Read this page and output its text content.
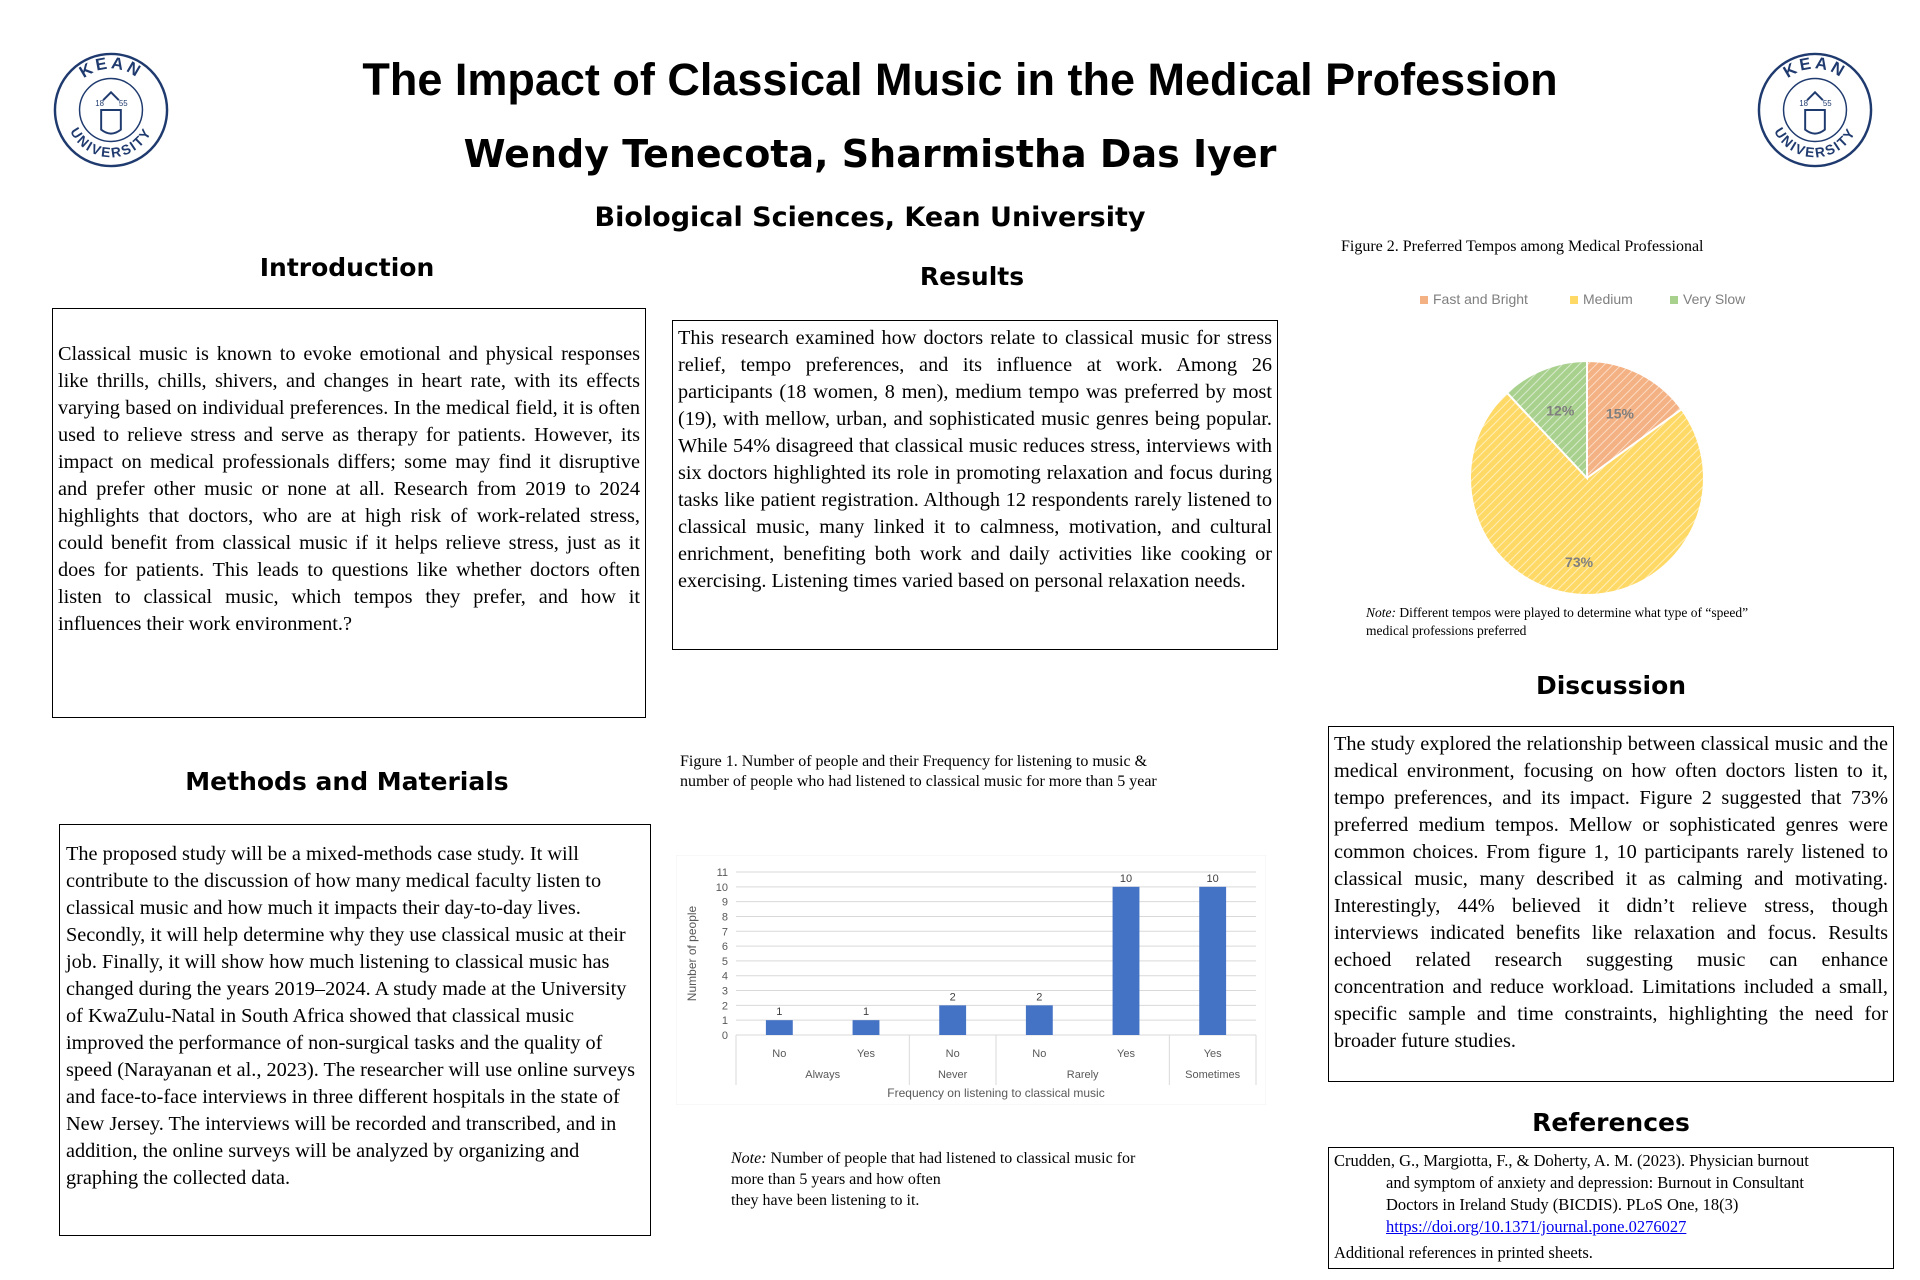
KEAN
UNIVERSITY
18 55
KEAN
UNIVERSITY
18 55
The Impact of Classical Music in the Medical Profession
Wendy Tenecota, Sharmistha Das Iyer
Biological Sciences, Kean University
Introduction
Classical music is known to evoke emotional and physical responses like thrills, chills, shivers, and changes in heart rate, with its effects varying based on individual preferences. In the medical field, it is often used to relieve stress and serve as therapy for patients. However, its impact on medical professionals differs; some may find it disruptive and prefer other music or none at all. Research from 2019 to 2024 highlights that doctors, who are at high risk of work-related stress, could benefit from classical music if it helps relieve stress, just as it does for patients. This leads to questions like whether doctors often listen to classical music, which tempos they prefer, and how it influences their work environment.?
Methods and Materials
The proposed study will be a mixed-methods case study. It will contribute to the discussion of how many medical faculty listen to classical music and how much it impacts their day-to-day lives. Secondly, it will help determine why they use classical music at their job. Finally, it will show how much listening to classical music has changed during the years 2019–2024. A study made at the University of KwaZulu-Natal in South Africa showed that classical music improved the performance of non-surgical tasks and the quality of speed (Narayanan et al., 2023). The researcher will use online surveys and face-to-face interviews in three different hospitals in the state of New Jersey. The interviews will be recorded and transcribed, and in addition, the online surveys will be analyzed by organizing and graphing the collected data.
Results
This research examined how doctors relate to classical music for stress relief, tempo preferences, and its influence at work. Among 26 participants (18 women, 8 men), medium tempo was preferred by most (19), with mellow, urban, and sophisticated music genres being popular. While 54% disagreed that classical music reduces stress, interviews with six doctors highlighted its role in promoting relaxation and focus during tasks like patient registration. Although 12 respondents rarely listened to classical music, many linked it to calmness, motivation, and cultural enrichment, benefiting both work and daily activities like cooking or exercising. Listening times varied based on personal relaxation needs.
Figure 1. Number of people and their Frequency for listening to music &
number of people who had listened to classical music for more than 5 year
0
1
2
3
4
5
6
7
8
9
10
11
1
No
1
Yes
2
No
2
No
10
Yes
10
Yes
Always	Never	Rarely	Sometimes
Frequency on listening to classical music
Number of people
Note: Number of people that had listened to classical music for
more than 5 years and how often
they have been listening to it.
Figure 2. Preferred Tempos among Medical Professional
Fast and Bright	Medium	Very Slow
15%
73%
12%
Note: Different tempos were played to determine what type of “speed”
medical professions preferred
Discussion
The study explored the relationship between classical music and the medical environment, focusing on how often doctors listen to it, tempo preferences, and its impact. Figure 2 suggested that 73% preferred medium tempos. Mellow or sophisticated genres were common choices. From figure 1, 10 participants rarely listened to classical music, many described it as calming and motivating. Interestingly, 44% believed it didn’t relieve stress, though interviews indicated benefits like relaxation and focus. Results echoed related research suggesting music can enhance concentration and reduce workload. Limitations included a small, specific sample and time constraints, highlighting the need for broader future studies.
References
Crudden, G., Margiotta, F., & Doherty, A. M. (2023). Physician burnout
and symptom of anxiety and depression: Burnout in Consultant
Doctors in Ireland Study (BICDIS). PLoS One, 18(3)
https://doi.org/10.1371/journal.pone.0276027
Additional references in printed sheets.
